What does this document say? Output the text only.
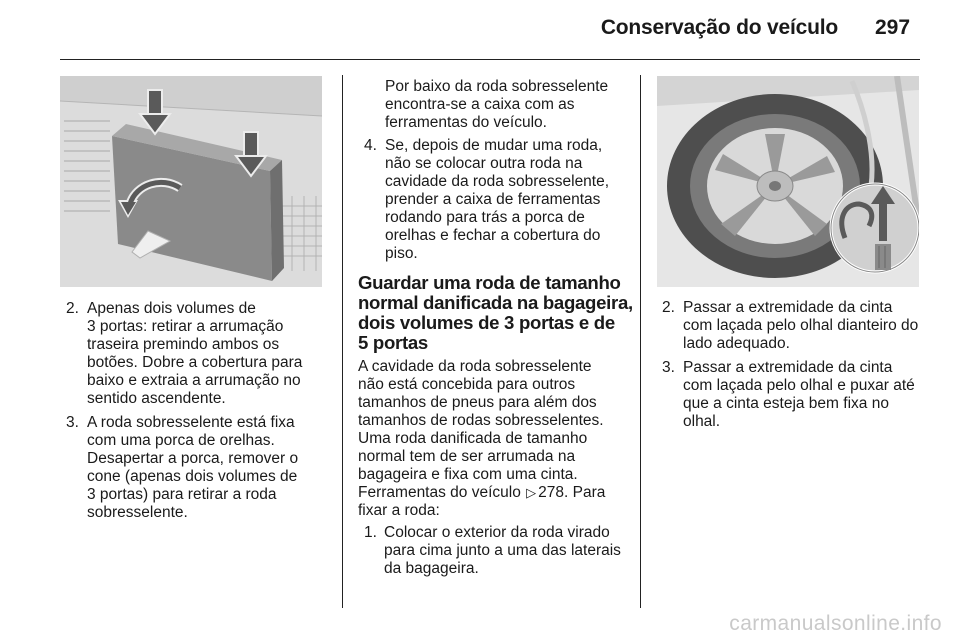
Conservação do veículo 297
2. Apenas dois volumes de
3 portas: retirar a arrumação
traseira premindo ambos os
botões. Dobre a cobertura para
baixo e extraia a arrumação no
sentido ascendente.
3. A roda sobresselente está fixa
com uma porca de orelhas.
Desapertar a porca, remover o
cone (apenas dois volumes de
3 portas) para retirar a roda
sobresselente.
Por baixo da roda sobresselente
encontra-se a caixa com as
ferramentas do veículo.
4. Se, depois de mudar uma roda,
não se colocar outra roda na
cavidade da roda sobresselente,
prender a caixa de ferramentas
rodando para trás a porca de
orelhas e fechar a cobertura do
piso.
Guardar uma roda de tamanho
normal danificada na bagageira,
dois volumes de 3 portas e de
5 portas
A cavidade da roda sobresselente
não está concebida para outros
tamanhos de pneus para além dos
tamanhos de rodas sobresselentes.
Uma roda danificada de tamanho
normal tem de ser arrumada na
bagageira e fixa com uma cinta.
Ferramentas do veículo ▷ 278. Para
fixar a roda:
1. Colocar o exterior da roda virado
para cima junto a uma das laterais
da bagageira.
2. Passar a extremidade da cinta
com laçada pelo olhal dianteiro do
lado adequado.
3. Passar a extremidade da cinta
com laçada pelo olhal e puxar até
que a cinta esteja bem fixa no
olhal.
carmanualsonline.info
